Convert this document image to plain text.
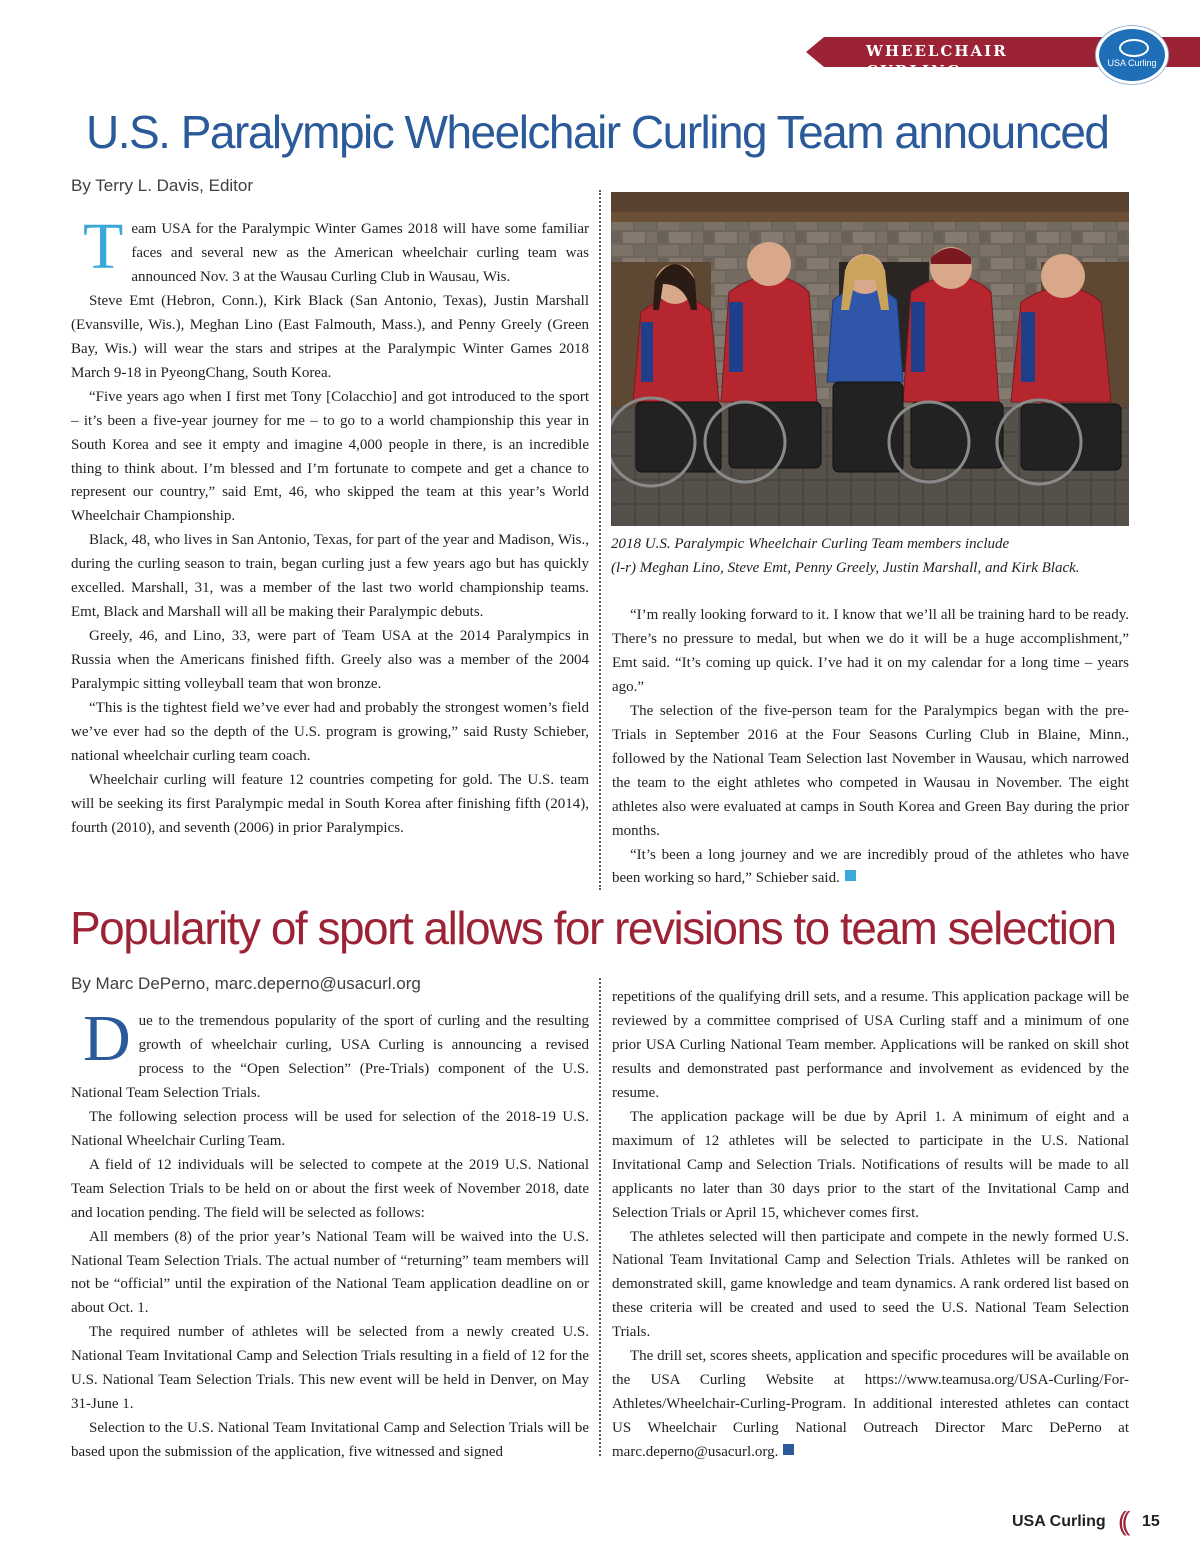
WHEELCHAIR CURLING	USA Curling
U.S. Paralympic Wheelchair Curling Team announced
By Terry L. Davis, Editor

Team USA for the Paralympic Winter Games 2018 will have some familiar faces and several new as the American wheelchair curling team was announced Nov. 3 at the Wausau Curling Club in Wausau, Wis.

Steve Emt (Hebron, Conn.), Kirk Black (San Antonio, Texas), Justin Marshall (Evansville, Wis.), Meghan Lino (East Falmouth, Mass.), and Penny Greely (Green Bay, Wis.) will wear the stars and stripes at the Paralympic Winter Games 2018 March 9-18 in PyeongChang, South Korea.

“Five years ago when I first met Tony [Colacchio] and got introduced to the sport – it’s been a five-year journey for me – to go to a world championship this year in South Korea and see it empty and imagine 4,000 people in there, is an incredible thing to think about. I’m blessed and I’m fortunate to compete and get a chance to represent our country,” said Emt, 46, who skipped the team at this year’s World Wheelchair Championship.

Black, 48, who lives in San Antonio, Texas, for part of the year and Madison, Wis., during the curling season to train, began curling just a few years ago but has quickly excelled. Marshall, 31, was a member of the last two world championship teams. Emt, Black and Marshall will all be making their Paralympic debuts.

Greely, 46, and Lino, 33, were part of Team USA at the 2014 Paralympics in Russia when the Americans finished fifth. Greely also was a member of the 2004 Paralympic sitting volleyball team that won bronze.

“This is the tightest field we’ve ever had and probably the strongest women’s field we’ve ever had so the depth of the U.S. program is growing,” said Rusty Schieber, national wheelchair curling team coach.

Wheelchair curling will feature 12 countries competing for gold. The U.S. team will be seeking its first Paralympic medal in South Korea after finishing fifth (2014), fourth (2010), and seventh (2006) in prior Paralympics.

2018 U.S. Paralympic Wheelchair Curling Team members include

(l-r) Meghan Lino, Steve Emt, Penny Greely, Justin Marshall, and Kirk Black.

“I’m really looking forward to it. I know that we’ll all be training hard to be ready. There’s no pressure to medal, but when we do it will be a huge accomplishment,” Emt said. “It’s coming up quick. I’ve had it on my calendar for a long time – years ago.”

The selection of the five-person team for the Paralympics began with the pre-Trials in September 2016 at the Four Seasons Curling Club in Blaine, Minn., followed by the National Team Selection last November in Wausau, which narrowed the team to the eight athletes who competed in Wausau in November. The eight athletes also were evaluated at camps in South Korea and Green Bay during the prior months.

“It’s been a long journey and we are incredibly proud of the athletes who have been working so hard,” Schieber said.

Popularity of sport allows for revisions to team selection
By Marc DePerno, marc.deperno@usacurl.org

Due to the tremendous popularity of the sport of curling and the resulting growth of wheelchair curling, USA Curling is announcing a revised process to the “Open Selection” (Pre-Trials) component of the U.S. National Team Selection Trials.

The following selection process will be used for selection of the 2018-19 U.S. National Wheelchair Curling Team.

A field of 12 individuals will be selected to compete at the 2019 U.S. National Team Selection Trials to be held on or about the first week of November 2018, date and location pending. The field will be selected as follows:

All members (8) of the prior year’s National Team will be waived into the U.S. National Team Selection Trials. The actual number of “returning” team members will not be “official” until the expiration of the National Team application deadline on or about Oct. 1.

The required number of athletes will be selected from a newly created U.S. National Team Invitational Camp and Selection Trials resulting in a field of 12 for the U.S. National Team Selection Trials. This new event will be held in Denver, on May 31-June 1.

Selection to the U.S. National Team Invitational Camp and Selection Trials will be based upon the submission of the application, five witnessed and signed

repetitions of the qualifying drill sets, and a resume. This application package will be reviewed by a committee comprised of USA Curling staff and a minimum of one prior USA Curling National Team member. Applications will be ranked on skill shot results and demonstrated past performance and involvement as evidenced by the resume.

The application package will be due by April 1. A minimum of eight and a maximum of 12 athletes will be selected to participate in the U.S. National Invitational Camp and Selection Trials. Notifications of results will be made to all applicants no later than 30 days prior to the start of the Invitational Camp and Selection Trials or April 15, whichever comes first.

The athletes selected will then participate and compete in the newly formed U.S. National Team Invitational Camp and Selection Trials. Athletes will be ranked on demonstrated skill, game knowledge and team dynamics. A rank ordered list based on these criteria will be created and used to seed the U.S. National Team Selection Trials.

The drill set, scores sheets, application and specific procedures will be available on the USA Curling Website at https://www.teamusa.org/USA-Curling/For-Athletes/Wheelchair-Curling-Program. In additional interested athletes can contact US Wheelchair Curling National Outreach Director Marc DePerno at marc.deperno@usacurl.org.

USA Curling (( 15
